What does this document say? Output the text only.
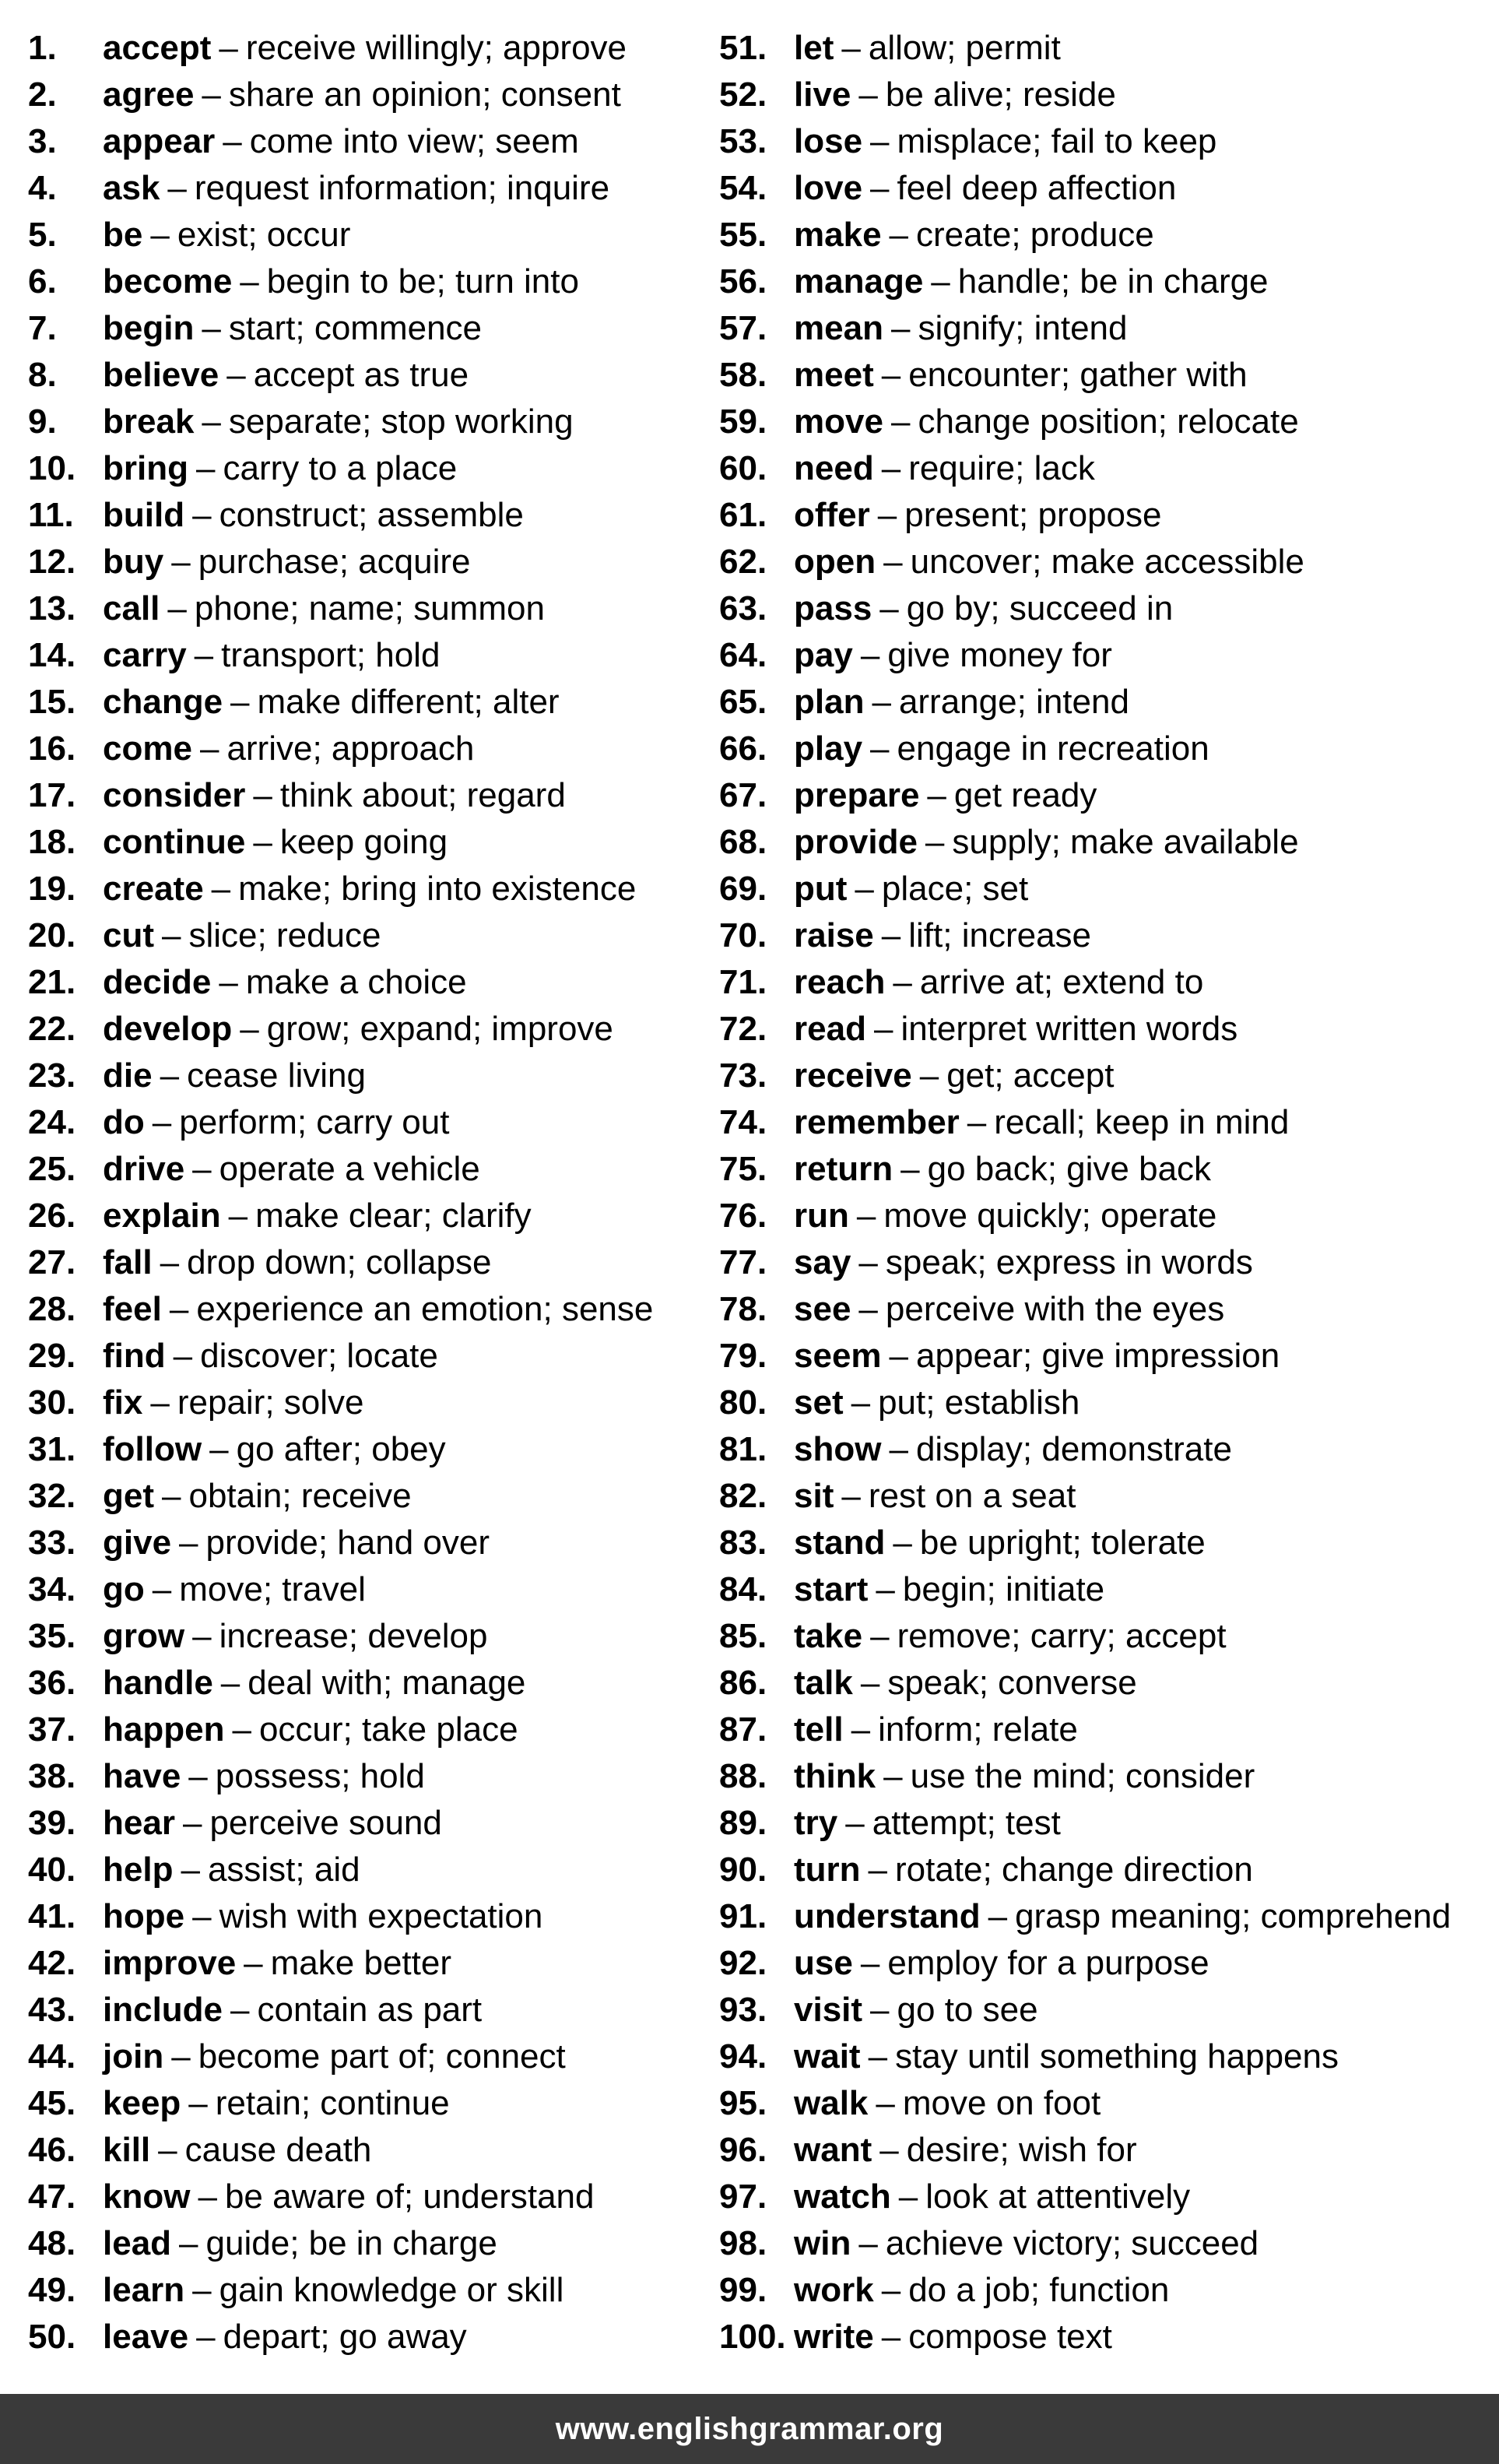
1.	accept – receive willingly; approve
2.	agree – share an opinion; consent
3.	appear – come into view; seem
4.	ask – request information; inquire
5.	be – exist; occur
6.	become – begin to be; turn into
7.	begin – start; commence
8.	believe – accept as true
9.	break – separate; stop working
10. bring – carry to a place
11. build – construct; assemble
12. buy – purchase; acquire
13. call – phone; name; summon
14. carry – transport; hold
15. change – make different; alter
16. come – arrive; approach
17. consider – think about; regard
18. continue – keep going
19. create – make; bring into existence
20. cut – slice; reduce
21. decide – make a choice
22. develop – grow; expand; improve
23. die – cease living
24. do – perform; carry out
25. drive – operate a vehicle
26. explain – make clear; clarify
27. fall – drop down; collapse
28. feel – experience an emotion; sense
29. find – discover; locate
30. fix – repair; solve
31. follow – go after; obey
32. get – obtain; receive
33. give – provide; hand over
34. go – move; travel
35. grow – increase; develop
36. handle – deal with; manage
37. happen – occur; take place
38. have – possess; hold
39. hear – perceive sound
40. help – assist; aid
41. hope – wish with expectation
42. improve – make better
43. include – contain as part
44. join – become part of; connect
45. keep – retain; continue
46. kill – cause death
47. know – be aware of; understand
48. lead – guide; be in charge
49. learn – gain knowledge or skill
50. leave – depart; go away
51. let – allow; permit
52. live – be alive; reside
53. lose – misplace; fail to keep
54. love – feel deep affection
55. make – create; produce
56. manage – handle; be in charge
57. mean – signify; intend
58. meet – encounter; gather with
59. move – change position; relocate
60. need – require; lack
61. offer – present; propose
62. open – uncover; make accessible
63. pass – go by; succeed in
64. pay – give money for
65. plan – arrange; intend
66. play – engage in recreation
67. prepare – get ready
68. provide – supply; make available
69. put – place; set
70. raise – lift; increase
71. reach – arrive at; extend to
72. read – interpret written words
73. receive – get; accept
74. remember – recall; keep in mind
75. return – go back; give back
76. run – move quickly; operate
77. say – speak; express in words
78. see – perceive with the eyes
79. seem – appear; give impression
80. set – put; establish
81. show – display; demonstrate
82. sit – rest on a seat
83. stand – be upright; tolerate
84. start – begin; initiate
85. take – remove; carry; accept
86. talk – speak; converse
87. tell – inform; relate
88. think – use the mind; consider
89. try – attempt; test
90. turn – rotate; change direction
91. understand – grasp meaning; comprehend
92. use – employ for a purpose
93. visit – go to see
94. wait – stay until something happens
95. walk – move on foot
96. want – desire; wish for
97. watch – look at attentively
98. win – achieve victory; succeed
99. work – do a job; function
100. write – compose text
www.englishgrammar.org
